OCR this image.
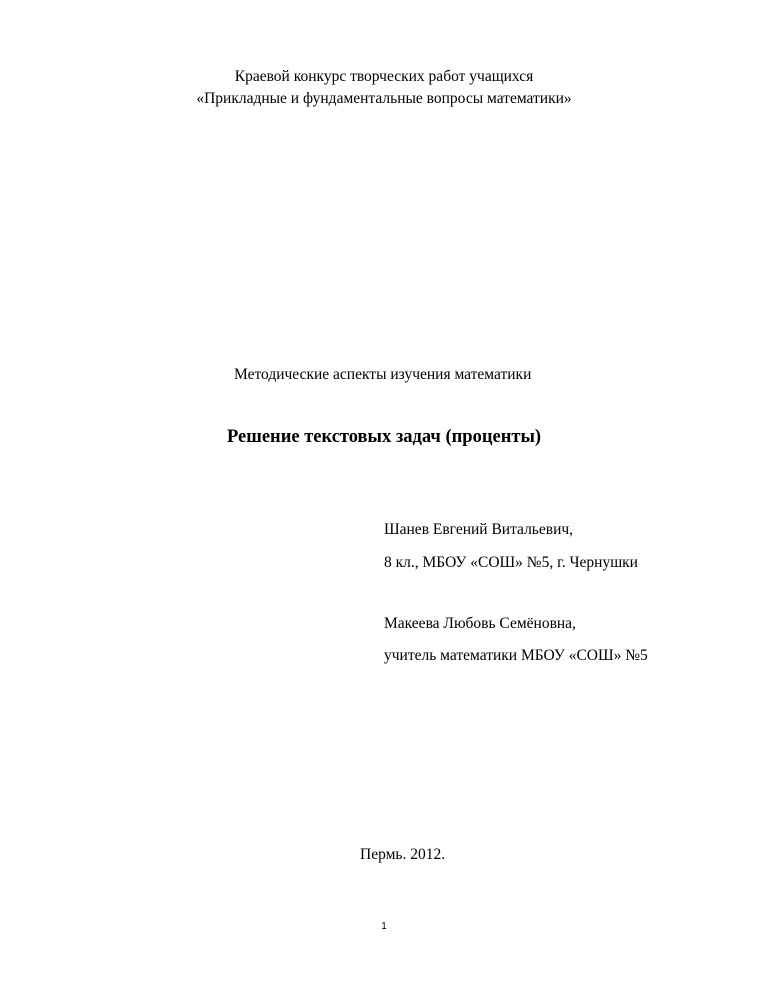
Краевой конкурс творческих работ учащихся
«Прикладные и фундаментальные вопросы математики»
Методические аспекты изучения математики
Решение текстовых задач (проценты)
Шанев Евгений Витальевич,
8 кл., МБОУ «СОШ» №5, г. Чернушки
Макеева Любовь Семёновна,
учитель математики МБОУ «СОШ» №5
Пермь. 2012.
1
